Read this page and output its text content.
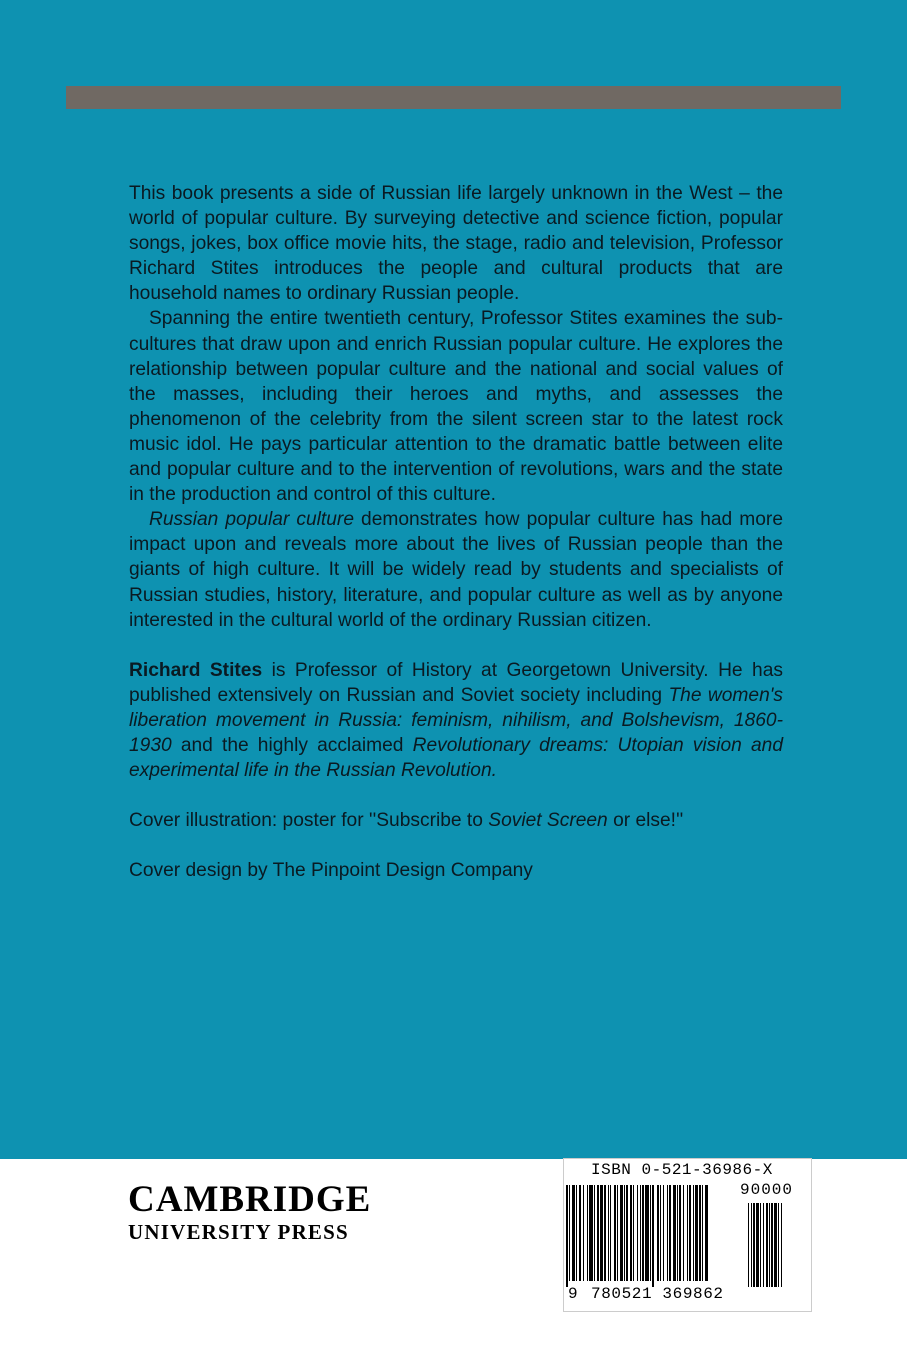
This book presents a side of Russian life largely unknown in the West – the world of popular culture. By surveying detective and science fiction, popular songs, jokes, box office movie hits, the stage, radio and television, Professor Richard Stites introduces the people and cultural products that are household names to ordinary Russian people.

Spanning the entire twentieth century, Professor Stites examines the sub-cultures that draw upon and enrich Russian popular culture. He explores the relationship between popular culture and the national and social values of the masses, including their heroes and myths, and assesses the phenomenon of the celebrity from the silent screen star to the latest rock music idol. He pays particular attention to the dramatic battle between elite and popular culture and to the intervention of revolutions, wars and the state in the production and control of this culture.

Russian popular culture demonstrates how popular culture has had more impact upon and reveals more about the lives of Russian people than the giants of high culture. It will be widely read by students and specialists of Russian studies, history, literature, and popular culture as well as by anyone interested in the cultural world of the ordinary Russian citizen.

Richard Stites is Professor of History at Georgetown University. He has published extensively on Russian and Soviet society including The women's liberation movement in Russia: feminism, nihilism, and Bolshevism, 1860-1930 and the highly acclaimed Revolutionary dreams: Utopian vision and experimental life in the Russian Revolution.

Cover illustration: poster for ''Subscribe to Soviet Screen or else!''

Cover design by The Pinpoint Design Company

CAMBRIDGE
UNIVERSITY PRESS
ISBN 0-521-36986-X
90000
9 780521 369862
